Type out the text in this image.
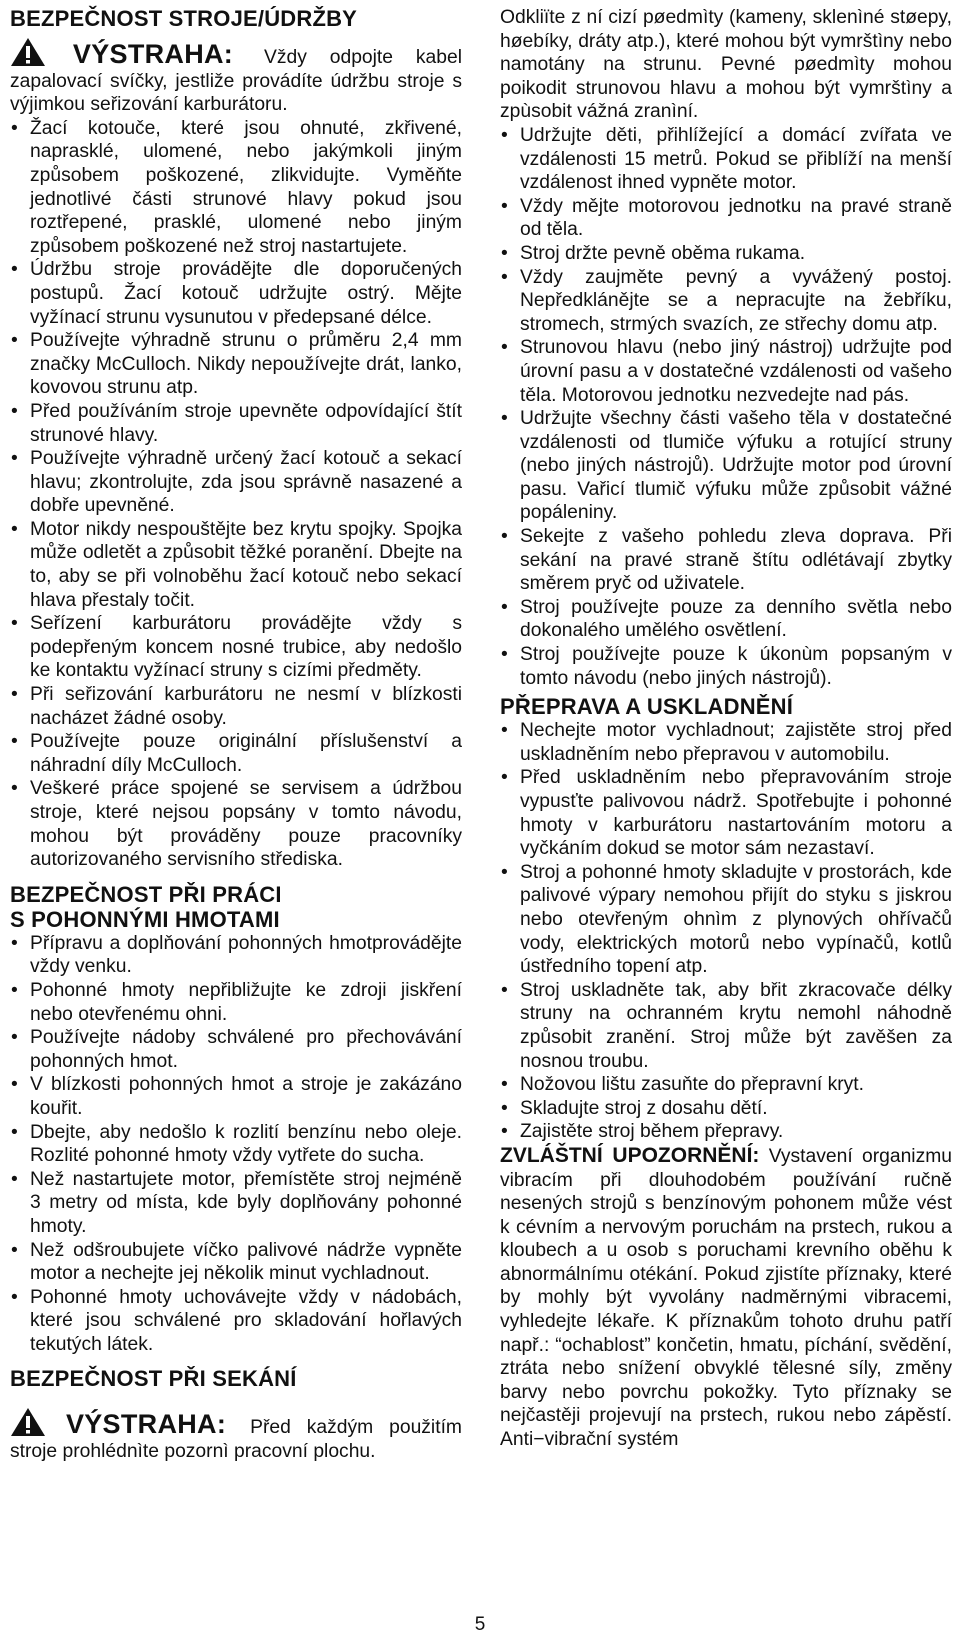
BEZPEČNOST STROJE/ÚDRŽBY

VÝSTRAHA: Vždy odpojte kabel zapalovací svíčky, jestliže provádíte údržbu stroje s výjimkou seřizování karburátoru.

• Žací kotouče, které jsou ohnuté, zkřivené, naprasklé, ulomené, nebo jakýmkoli jiným způsobem poškozené, zlikvidujte. Vyměňte jednotlivé části strunové hlavy pokud jsou roztřepené, prasklé, ulomené nebo jiným způsobem poškozené než stroj nastartujete.
• Údržbu stroje provádějte dle doporučených postupů. Žací kotouč udržujte ostrý. Mějte vyžínací strunu vysunutou v předepsané délce.
• Používejte výhradně strunu o průměru 2,4 mm značky McCulloch. Nikdy nepoužívejte drát, lanko, kovovou strunu atp.
• Před používáním stroje upevněte odpovídající štít strunové hlavy.
• Používejte výhradně určený žací kotouč a sekací hlavu; zkontrolujte, zda jsou správně nasazené a dobře upevněné.
• Motor nikdy nespouštějte bez krytu spojky. Spojka může odletět a způsobit těžké poranění. Dbejte na to, aby se při volnoběhu žací kotouč nebo sekací hlava přestaly točit.
• Seřízení karburátoru provádějte vždy s podepřeným koncem nosné trubice, aby nedošlo ke kontaktu vyžínací struny s cizími předměty.
• Při seřizování karburátoru ne nesmí v blízkosti nacházet žádné osoby.
• Používejte pouze originální příslušenství a náhradní díly McCulloch.
• Veškeré práce spojené se servisem a údržbou stroje, které nejsou popsány v tomto návodu, mohou být prováděny pouze pracovníky autorizovaného servisního střediska.
BEZPEČNOST PŘI PRÁCI
S POHONNÝMI HMOTAMI
• Přípravu a doplňování pohonných hmotprovádějte vždy venku.
• Pohonné hmoty nepřibližujte ke zdroji jiskření nebo otevřenému ohni.
• Používejte nádoby schválené pro přechovávání pohonných hmot.
• V blízkosti pohonných hmot a stroje je zakázáno kouřit.
• Dbejte, aby nedošlo k rozlití benzínu nebo oleje. Rozlité pohonné hmoty vždy vytřete do sucha.
• Než nastartujete motor, přemístěte stroj nejméně 3 metry od místa, kde byly doplňovány pohonné hmoty.
• Než odšroubujete víčko palivové nádrže vypněte motor a nechejte jej několik minut vychladnout.
• Pohonné hmoty uchovávejte vždy v nádobách, které jsou schválené pro skladování hořlavých tekutých látek.
BEZPEČNOST PŘI SEKÁNÍ

VÝSTRAHA: Před každým použitím stroje prohlédnìte pozornì pracovní plochu.

Odkliïte z ní cizí pøedmìty (kameny, sklenìné støepy, høebíky, dráty atp.), které mohou být vymrštìny nebo namotány na strunu. Pevné pøedmìty mohou poikodit strunovou hlavu a mohou být vymrštìny a zpùsobit vážná zranìní.

• Udržujte děti, přihlížející a domácí zvířata ve vzdálenosti 15 metrů. Pokud se přiblíží na menší vzdálenost ihned vypněte motor.
• Vždy mějte motorovou jednotku na pravé straně od těla.
• Stroj držte pevně oběma rukama.
• Vždy zaujměte pevný a vyvážený postoj. Nepředklánějte se a nepracujte na žebříku, stromech, strmých svazích, ze střechy domu atp.
• Strunovou hlavu (nebo jiný nástroj) udržujte pod úrovní pasu a v dostatečné vzdálenosti od vašeho těla. Motorovou jednotku nezvedejte nad pás.
• Udržujte všechny části vašeho těla v dostatečné vzdálenosti od tlumiče výfuku a rotující struny (nebo jiných nástrojů). Udržujte motor pod úrovní pasu. Vařicí tlumič výfuku může způsobit vážné popáleniny.
• Sekejte z vašeho pohledu zleva doprava. Při sekání na pravé straně štítu odlétávají zbytky směrem pryč od uživatele.
• Stroj používejte pouze za denního světla nebo dokonalého umělého osvětlení.
• Stroj používejte pouze k úkonùm popsaným v tomto návodu (nebo jiných nástrojů).
PŘEPRAVA A USKLADNĚNÍ
• Nechejte motor vychladnout; zajistěte stroj před uskladněním nebo přepravou v automobilu.
• Před uskladněním nebo přepravováním stroje vypusťte palivovou nádrž. Spotřebujte i pohonné hmoty v karburátoru nastartováním motoru a vyčkáním dokud se motor sám nezastaví.
• Stroj a pohonné hmoty skladujte v prostorách, kde palivové výpary nemohou přijít do styku s jiskrou nebo otevřeným ohnìm z plynových ohřívačů vody, elektrických motorů nebo vypínačů, kotlů ústředního topení atp.
• Stroj uskladněte tak, aby břit zkracovače délky struny na ochranném krytu nemohl náhodně způsobit zranění. Stroj může být zavěšen za nosnou troubu.
• Nožovou lištu zasuňte do přepravní kryt.
• Skladujte stroj z dosahu dětí.
• Zajistěte stroj během přepravy.

ZVLÁŠTNÍ UPOZORNĚNÍ: Vystavení organizmu vibracím při dlouhodobém používání ručně nesených strojů s benzínovým pohonem může vést k cévním a nervovým poruchám na prstech, rukou a kloubech a u osob s poruchami krevního oběhu k abnormálnímu otékání. Pokud zjistíte příznaky, které by mohly být vyvolány nadměrnými vibracemi, vyhledejte lékaře. K příznakům tohoto druhu patří např.: “ochablost” končetin, hmatu, píchání, svědění, ztráta nebo snížení obvyklé tělesné síly, změny barvy nebo povrchu pokožky. Tyto příznaky se nejčastěji projevují na prstech, rukou nebo zápěstí. Anti−vibrační systém

5
